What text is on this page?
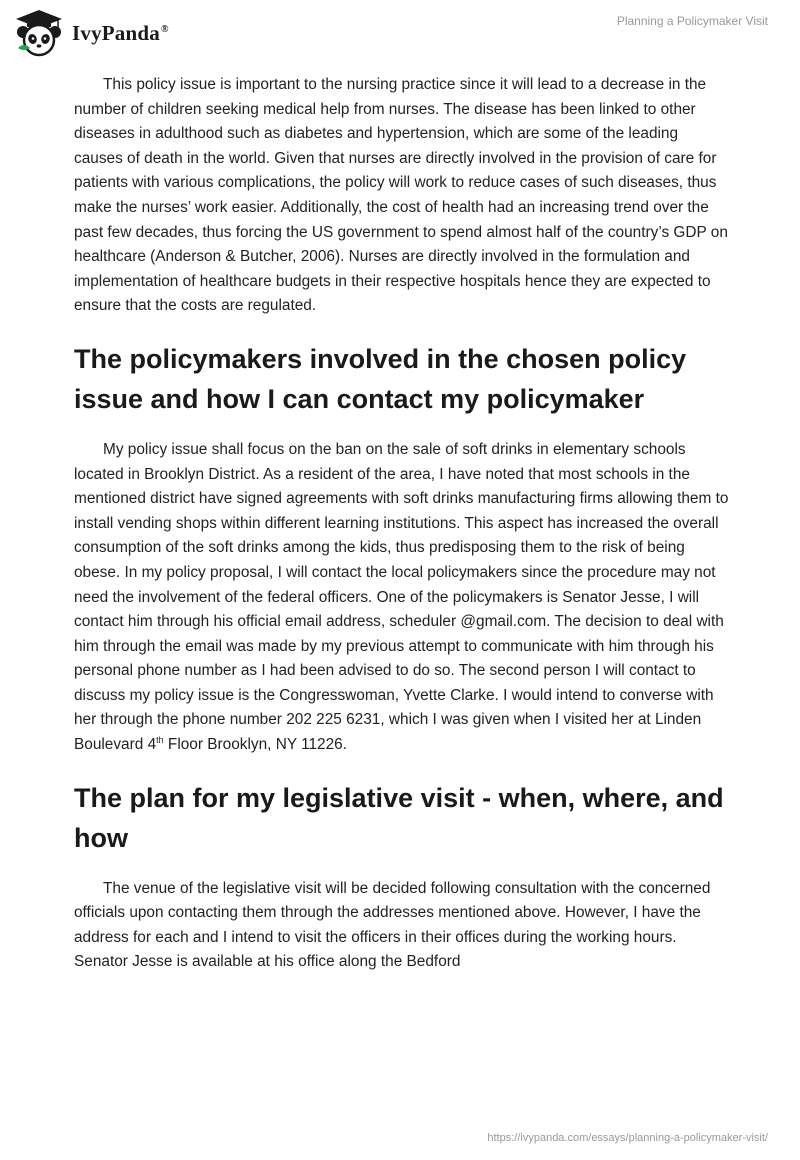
IvyPanda®
Planning a Policymaker Visit

This policy issue is important to the nursing practice since it will lead to a decrease in the number of children seeking medical help from nurses. The disease has been linked to other diseases in adulthood such as diabetes and hypertension, which are some of the leading causes of death in the world. Given that nurses are directly involved in the provision of care for patients with various complications, the policy will work to reduce cases of such diseases, thus make the nurses’ work easier. Additionally, the cost of health had an increasing trend over the past few decades, thus forcing the US government to spend almost half of the country’s GDP on healthcare (Anderson & Butcher, 2006). Nurses are directly involved in the formulation and implementation of healthcare budgets in their respective hospitals hence they are expected to ensure that the costs are regulated.

The policymakers involved in the chosen policy issue and how I can contact my policymaker

My policy issue shall focus on the ban on the sale of soft drinks in elementary schools located in Brooklyn District. As a resident of the area, I have noted that most schools in the mentioned district have signed agreements with soft drinks manufacturing firms allowing them to install vending shops within different learning institutions. This aspect has increased the overall consumption of the soft drinks among the kids, thus predisposing them to the risk of being obese. In my policy proposal, I will contact the local policymakers since the procedure may not need the involvement of the federal officers. One of the policymakers is Senator Jesse, I will contact him through his official email address, scheduler @gmail.com. The decision to deal with him through the email was made by my previous attempt to communicate with him through his personal phone number as I had been advised to do so. The second person I will contact to discuss my policy issue is the Congresswoman, Yvette Clarke. I would intend to converse with her through the phone number 202 225 6231, which I was given when I visited her at Linden Boulevard 4th Floor Brooklyn, NY 11226.

The plan for my legislative visit - when, where, and how

The venue of the legislative visit will be decided following consultation with the concerned officials upon contacting them through the addresses mentioned above. However, I have the address for each and I intend to visit the officers in their offices during the working hours. Senator Jesse is available at his office along the Bedford

https://ivypanda.com/essays/planning-a-policymaker-visit/
